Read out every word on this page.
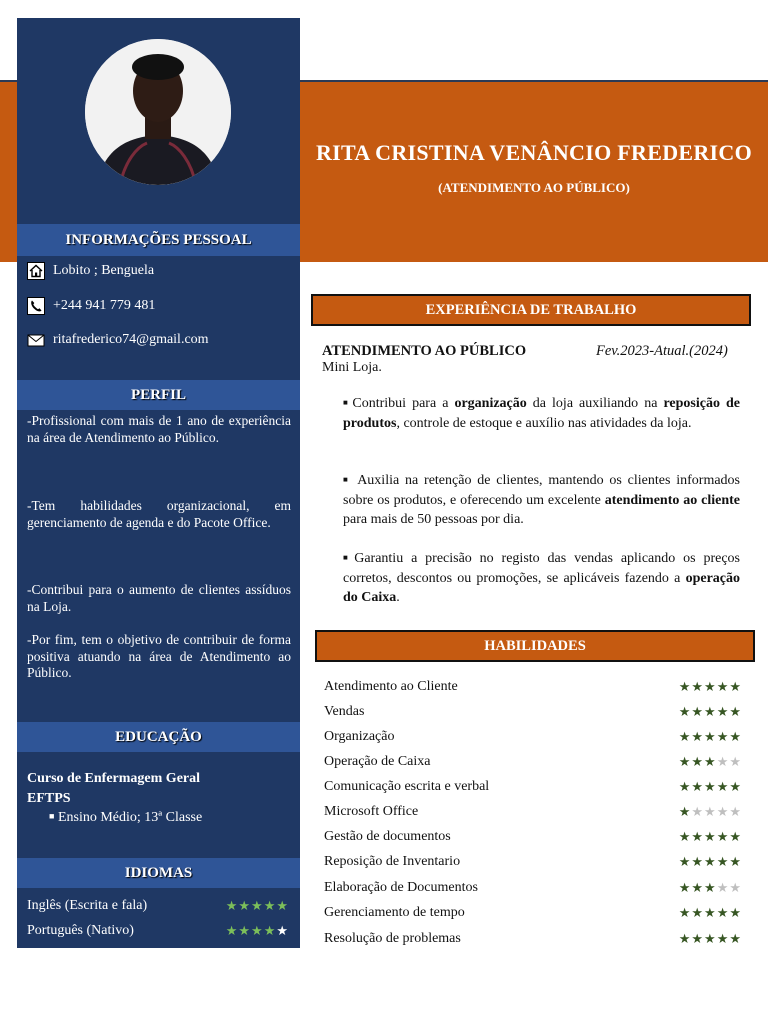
INFORMAÇÕES PESSOAL
Lobito ; Benguela
+244 941 779 481
ritafrederico74@gmail.com
PERFIL
-Profissional com mais de 1 ano de experiência na área de Atendimento ao Público.
-Tem habilidades organizacional, em gerenciamento de agenda e do Pacote Office.
-Contribui para o aumento de clientes assíduos na Loja.
-Por fim, tem o objetivo de contribuir de forma positiva atuando na área de Atendimento ao Público.
EDUCAÇÃO
Curso de Enfermagem Geral
EFTPS
■ Ensino Médio; 13ª Classe
IDIOMAS
Inglês (Escrita e fala)	★★★★★
Português (Nativo)	★★★★★
RITA CRISTINA VENÂNCIO FREDERICO
(ATENDIMENTO AO PÚBLICO)
EXPERIÊNCIA DE TRABALHO
ATENDIMENTO AO PÚBLICO	Fev.2023-Atual.(2024)
Mini Loja.
■ Contribui para a organização da loja auxiliando na reposição de produtos, controle de estoque e auxílio nas atividades da loja.
■ Auxilia na retenção de clientes, mantendo os clientes informados sobre os produtos, e oferecendo um excelente atendimento ao cliente para mais de 50 pessoas por dia.
■ Garantiu a precisão no registo das vendas aplicando os preços corretos, descontos ou promoções, se aplicáveis fazendo a operação do Caixa.
HABILIDADES
Atendimento ao Cliente	★★★★★
Vendas	★★★★★
Organização	★★★★★
Operação de Caixa	★★★★★
Comunicação escrita e verbal	★★★★★
Microsoft Office	★★★★★
Gestão de documentos	★★★★★
Reposição de Inventario	★★★★★
Elaboração de Documentos	★★★★★
Gerenciamento de tempo	★★★★★
Resolução de problemas	★★★★★
